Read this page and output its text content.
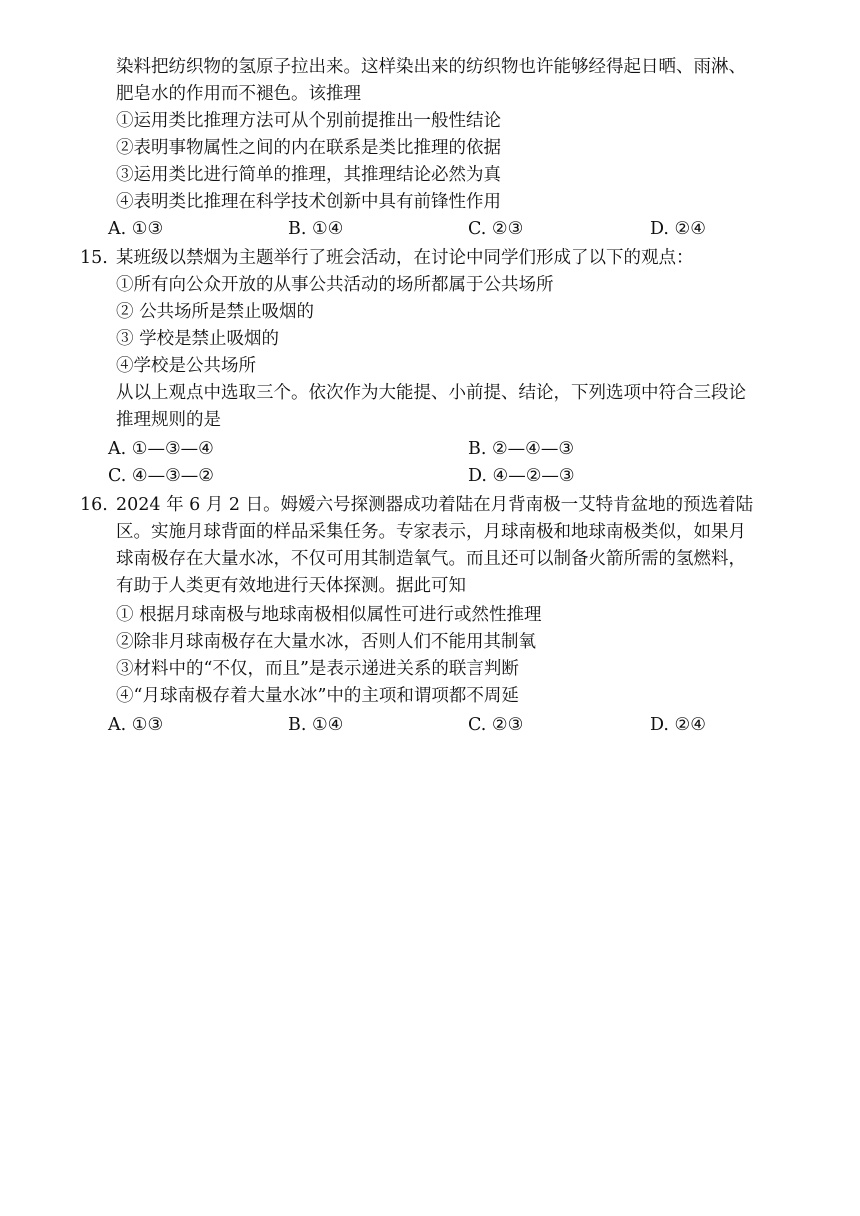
染料把纺织物的氢原子拉出来。这样染出来的纺织物也许能够经得起日晒、雨淋、
肥皂水的作用而不褪色。该推理
①运用类比推理方法可从个别前提推出一般性结论
②表明事物属性之间的内在联系是类比推理的依据
③运用类比进行简单的推理，其推理结论必然为真
④表明类比推理在科学技术创新中具有前锋性作用
A. ①③	B. ①④	C. ②③	D. ②④
15. 某班级以禁烟为主题举行了班会活动，在讨论中同学们形成了以下的观点：
①所有向公众开放的从事公共活动的场所都属于公共场所
② 公共场所是禁止吸烟的
③ 学校是禁止吸烟的
④学校是公共场所
从以上观点中选取三个。依次作为大能提、小前提、结论，下列选项中符合三段论
推理规则的是
A. ①—③—④	B. ②—④—③
C. ④—③—②	D. ④—②—③
16. 2024 年 6 月 2 日。姆嫒六号探测器成功着陆在月背南极一艾特肯盆地的预选着陆
区。实施月球背面的样品采集任务。专家表示，月球南极和地球南极类似，如果月
球南极存在大量水冰，不仅可用其制造氧气。而且还可以制备火箭所需的氢燃料，
有助于人类更有效地进行天体探测。据此可知
① 根据月球南极与地球南极相似属性可进行或然性推理
②除非月球南极存在大量水冰，否则人们不能用其制氧
③材料中的“不仅，而且”是表示递进关系的联言判断
④“月球南极存着大量水冰”中的主项和谓项都不周延
A. ①③	B. ①④	C. ②③	D. ②④
